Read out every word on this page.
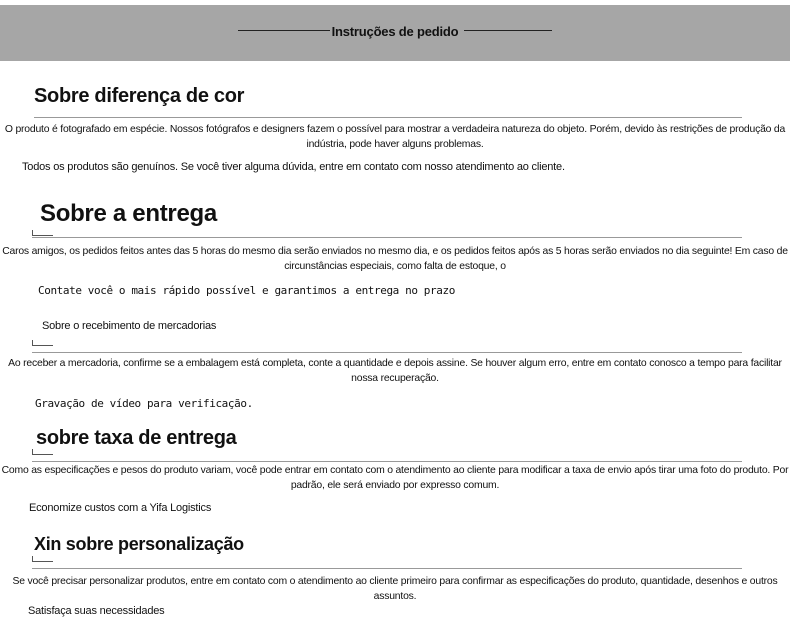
Instruções de pedido
Sobre diferença de cor
O produto é fotografado em espécie. Nossos fotógrafos e designers fazem o possível para mostrar a verdadeira natureza do objeto. Porém, devido às restrições de produção da indústria, pode haver alguns problemas.
Todos os produtos são genuínos. Se você tiver alguma dúvida, entre em contato com nosso atendimento ao cliente.
Sobre a entrega
Caros amigos, os pedidos feitos antes das 5 horas do mesmo dia serão enviados no mesmo dia, e os pedidos feitos após as 5 horas serão enviados no dia seguinte! Em caso de circunstâncias especiais, como falta de estoque, o
Contate você o mais rápido possível e garantimos a entrega no prazo
Sobre o recebimento de mercadorias
Ao receber a mercadoria, confirme se a embalagem está completa, conte a quantidade e depois assine. Se houver algum erro, entre em contato conosco a tempo para facilitar nossa recuperação.
Gravação de vídeo para verificação.
sobre taxa de entrega
Como as especificações e pesos do produto variam, você pode entrar em contato com o atendimento ao cliente para modificar a taxa de envio após tirar uma foto do produto. Por padrão, ele será enviado por expresso comum.
Economize custos com a Yifa Logistics
Xin sobre personalização
Se você precisar personalizar produtos, entre em contato com o atendimento ao cliente primeiro para confirmar as especificações do produto, quantidade, desenhos e outros assuntos.
Satisfaça suas necessidades
